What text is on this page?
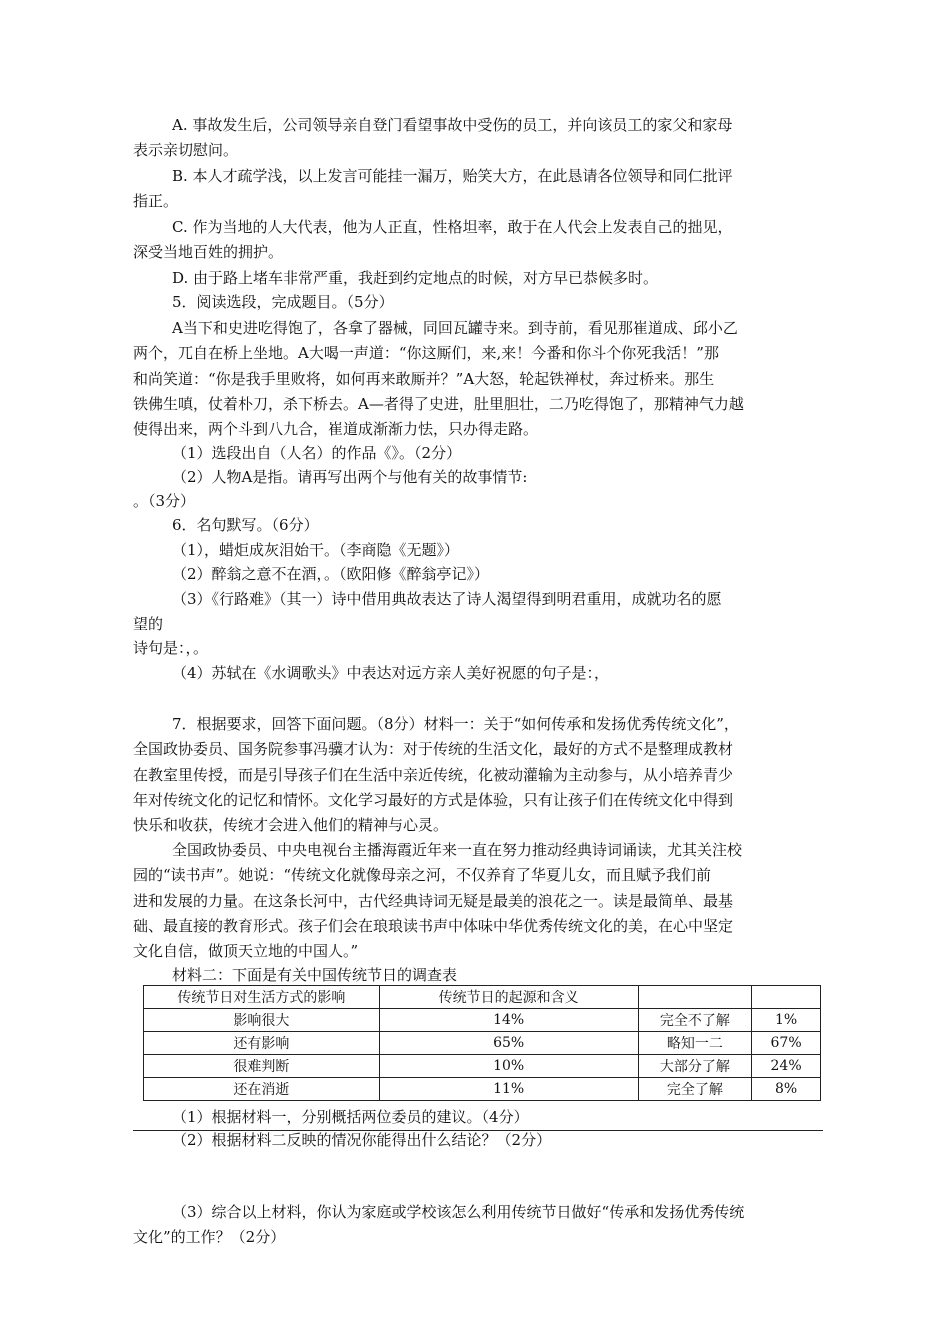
A. 事故发生后，公司领导亲自登门看望事故中受伤的员工，并向该员工的家父和家母
表示亲切慰问。
B. 本人才疏学浅，以上发言可能挂一漏万，贻笑大方，在此恳请各位领导和同仁批评
指正。
C. 作为当地的人大代表，他为人正直，性格坦率，敢于在人代会上发表自己的拙见，
深受当地百姓的拥护。
D. 由于路上堵车非常严重，我赶到约定地点的时候，对方早已恭候多时。
5．阅读选段，完成题目。（5分）
A当下和史进吃得饱了，各拿了器械，同回瓦罐寺来。到寺前，看见那崔道成、邱小乙
两个，兀自在桥上坐地。A大喝一声道：“你这厮们，来,来！今番和你斗个你死我活！”那
和尚笑道：“你是我手里败将，如何再来敢厮并？”A大怒，轮起铁禅杖，奔过桥来。那生
铁佛生嗔，仗着朴刀，杀下桥去。A—者得了史进，肚里胆壮，二乃吃得饱了，那精神气力越
使得出来，两个斗到八九合，崔道成渐渐力怯，只办得走路。
（1）选段出自（人名）的作品《》。（2分）
（2）人物A是指。请再写出两个与他有关的故事情节:
。（3分）
6．名句默写。（6分）
（1），蜡炬成灰泪始干。（李商隐《无题》）
（2）醉翁之意不在酒，。（欧阳修《醉翁亭记》）
（3）《行路难》（其一）诗中借用典故表达了诗人渴望得到明君重用，成就功名的愿
望的
诗句是：，。
（4）苏轼在《水调歌头》中表达对远方亲人美好祝愿的句子是：，
7．根据要求，回答下面问题。（8分）材料一：关于“如何传承和发扬优秀传统文化”，
全国政协委员、国务院参事冯骥才认为：对于传统的生活文化，最好的方式不是整理成教材
在教室里传授，而是引导孩子们在生活中亲近传统，化被动灌输为主动参与，从小培养青少
年对传统文化的记忆和情怀。文化学习最好的方式是体验，只有让孩子们在传统文化中得到
快乐和收获，传统才会进入他们的精神与心灵。
全国政协委员、中央电视台主播海霞近年来一直在努力推动经典诗词诵读，尤其关注校
园的“读书声”。她说：“传统文化就像母亲之河，不仅养育了华夏儿女，而且赋予我们前
进和发展的力量。在这条长河中，古代经典诗词无疑是最美的浪花之一。读是最简单、最基
础、最直接的教育形式。孩子们会在琅琅读书声中体味中华优秀传统文化的美，在心中坚定
文化自信，做顶天立地的中国人。”
材料二：下面是有关中国传统节日的调查表
传统节日对生活方式的影响	传统节日的起源和含义		
影响很大	14%	完全不了解	1%
还有影响	65%	略知一二	67%
很难判断	10%	大部分了解	24%
还在消逝	11%	完全了解	8%
（1）根据材料一，分别概括两位委员的建议。（4分）
（2）根据材料二反映的情况你能得出什么结论？（2分）
（3）综合以上材料，你认为家庭或学校该怎么利用传统节日做好“传承和发扬优秀传统
文化”的工作？（2分）
